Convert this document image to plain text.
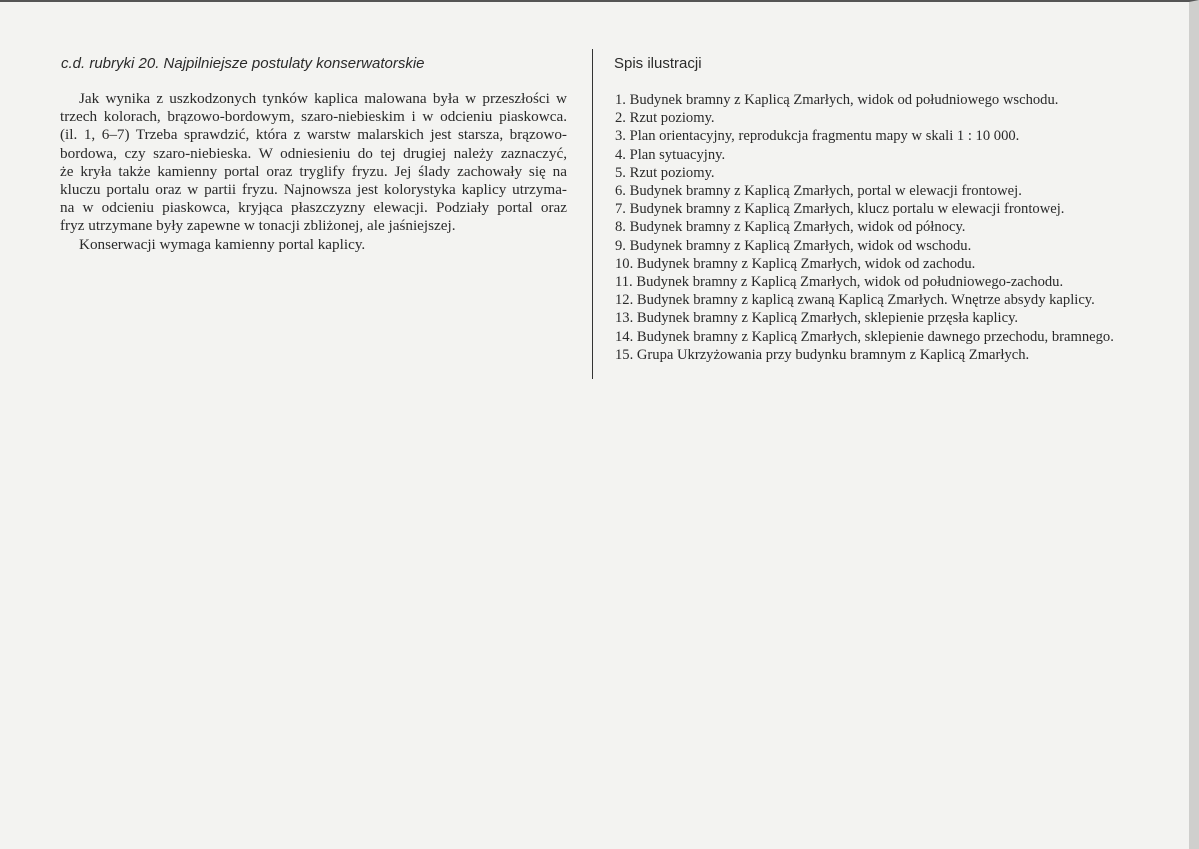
c.d. rubryki 20. Najpilniejsze postulaty konserwatorskie
Jak wynika z uszkodzonych tynków kaplica malowana była w przeszłości w
trzech kolorach, brązowo-bordowym, szaro-niebieskim i w odcieniu piaskowca.
(il. 1, 6–7) Trzeba sprawdzić, która z warstw malarskich jest starsza, brązowo-
bordowa, czy szaro-niebieska. W odniesieniu do tej drugiej należy zaznaczyć,
że kryła także kamienny portal oraz tryglify fryzu. Jej ślady zachowały się na
kluczu portalu oraz w partii fryzu. Najnowsza jest kolorystyka kaplicy utrzyma-
na w odcieniu piaskowca, kryjąca płaszczyzny elewacji. Podziały portal oraz
fryz utrzymane były zapewne w tonacji zbliżonej, ale jaśniejszej.
Konserwacji wymaga kamienny portal kaplicy.
Spis ilustracji
1. Budynek bramny z Kaplicą Zmarłych, widok od południowego wschodu.
2. Rzut poziomy.
3. Plan orientacyjny, reprodukcja fragmentu mapy w skali 1 : 10 000.
4. Plan sytuacyjny.
5. Rzut poziomy.
6. Budynek bramny z Kaplicą Zmarłych, portal w elewacji frontowej.
7. Budynek bramny z Kaplicą Zmarłych, klucz portalu w elewacji frontowej.
8. Budynek bramny z Kaplicą Zmarłych, widok od północy.
9. Budynek bramny z Kaplicą Zmarłych, widok od wschodu.
10. Budynek bramny z Kaplicą Zmarłych, widok od zachodu.
11. Budynek bramny z Kaplicą Zmarłych, widok od południowego-zachodu.
12. Budynek bramny z kaplicą zwaną Kaplicą Zmarłych. Wnętrze absydy kaplicy.
13. Budynek bramny z Kaplicą Zmarłych, sklepienie przęsła kaplicy.
14. Budynek bramny z Kaplicą Zmarłych, sklepienie dawnego przechodu, bramnego.
15. Grupa Ukrzyżowania przy budynku bramnym z Kaplicą Zmarłych.
